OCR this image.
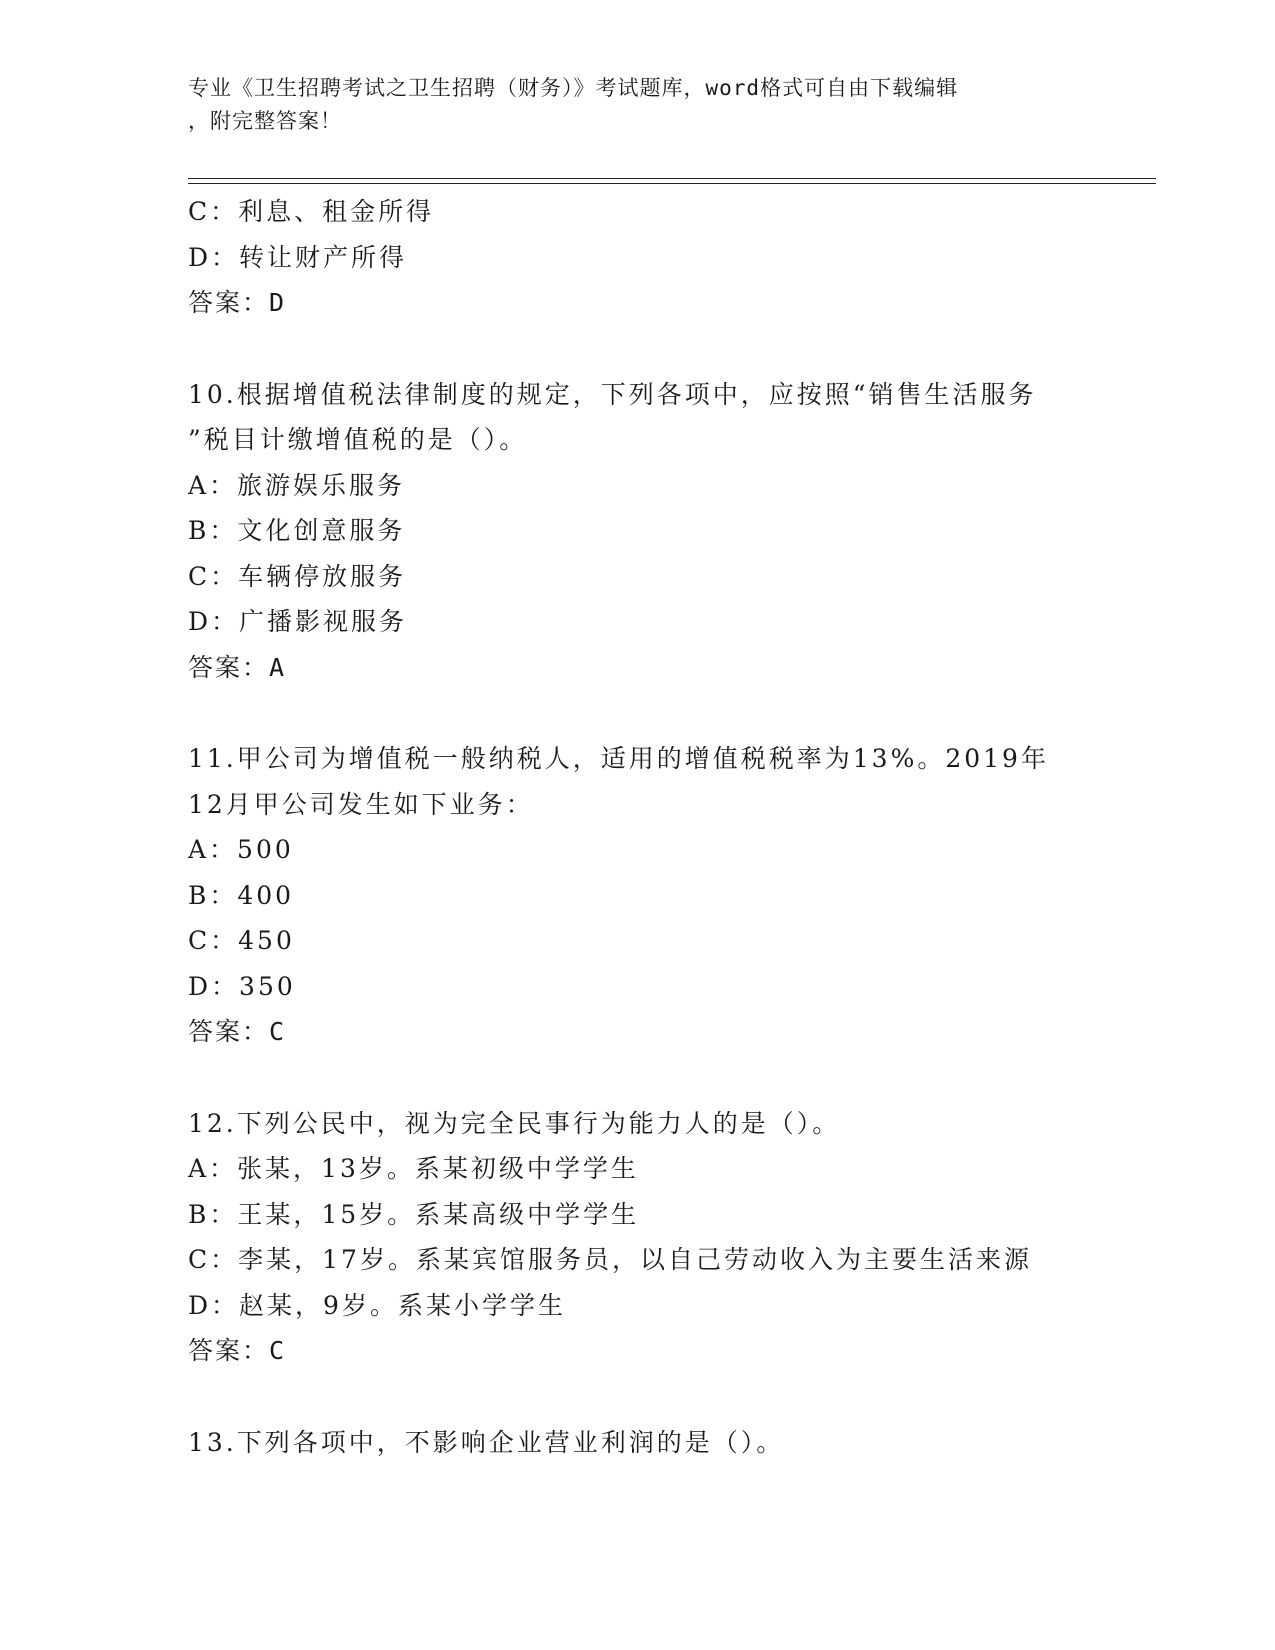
专业《卫生招聘考试之卫生招聘（财务）》考试题库，word格式可自由下载编辑
，附完整答案！
C：利息、租金所得
D：转让财产所得
答案：D
10.根据增值税法律制度的规定，下列各项中，应按照“销售生活服务
”税目计缴增值税的是（）。
A：旅游娱乐服务
B：文化创意服务
C：车辆停放服务
D：广播影视服务
答案：A
11.甲公司为增值税一般纳税人，适用的增值税税率为13%。2019年
12月甲公司发生如下业务：
A：500
B：400
C：450
D：350
答案：C
12.下列公民中，视为完全民事行为能力人的是（）。
A：张某，13岁。系某初级中学学生
B：王某，15岁。系某高级中学学生
C：李某，17岁。系某宾馆服务员，以自己劳动收入为主要生活来源
D：赵某，9岁。系某小学学生
答案：C
13.下列各项中，不影响企业营业利润的是（）。
